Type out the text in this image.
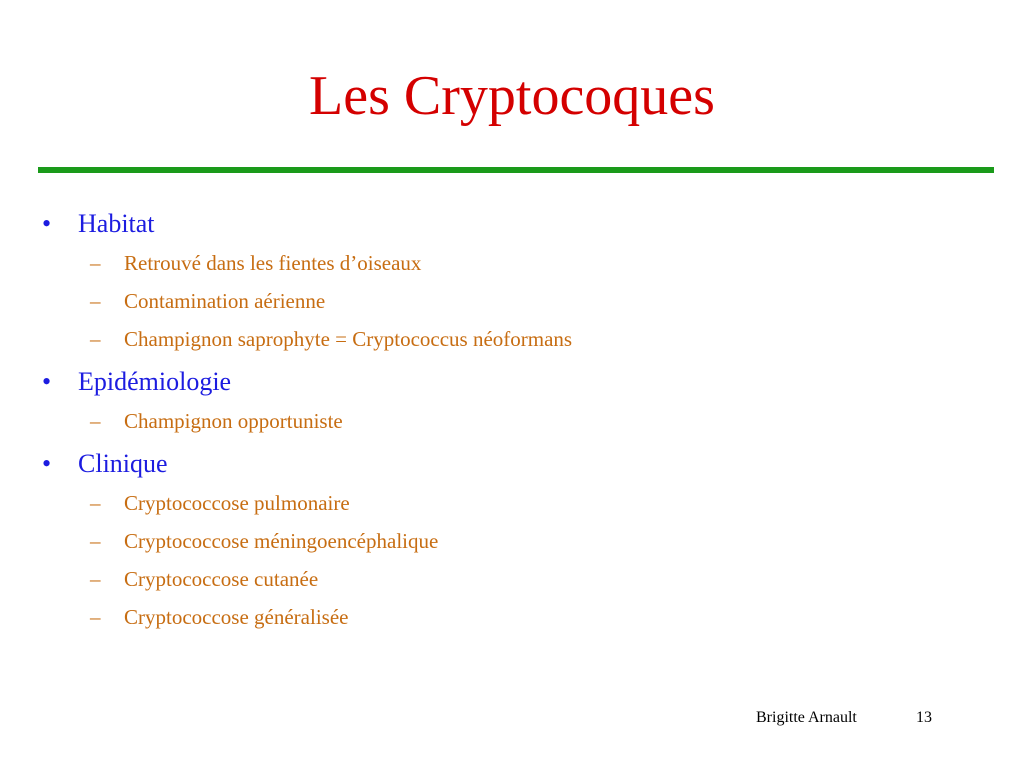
Les Cryptocoques
•	Habitat
–	Retrouvé dans les fientes d’oiseaux
–	Contamination aérienne
–	Champignon saprophyte = Cryptococcus néoformans
•	Epidémiologie
–	Champignon opportuniste
•	Clinique
–	Cryptococcose pulmonaire
–	Cryptococcose méningoencéphalique
–	Cryptococcose cutanée
–	Cryptococcose généralisée
Brigitte Arnault	13
